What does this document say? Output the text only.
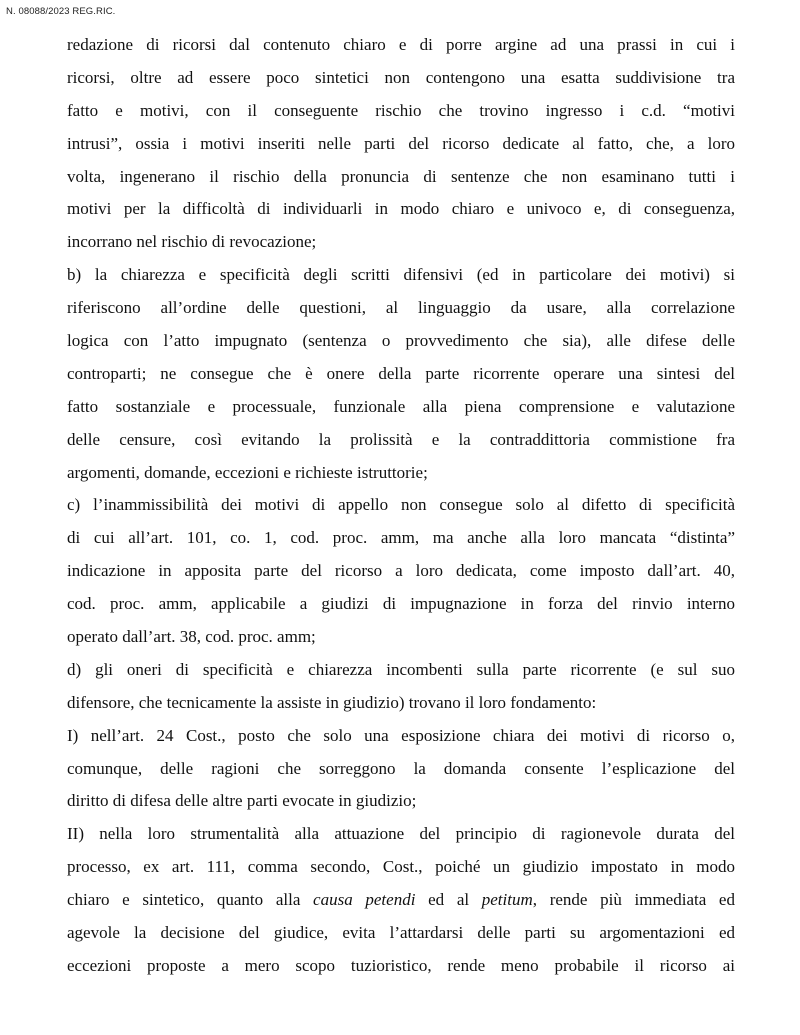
N. 08088/2023 REG.RIC.
redazione di ricorsi dal contenuto chiaro e di porre argine ad una prassi in cui i
ricorsi, oltre ad essere poco sintetici non contengono una esatta suddivisione tra
fatto e motivi, con il conseguente rischio che trovino ingresso i c.d. “motivi
intrusi”, ossia i motivi inseriti nelle parti del ricorso dedicate al fatto, che, a loro
volta, ingenerano il rischio della pronuncia di sentenze che non esaminano tutti i
motivi per la difficoltà di individuarli in modo chiaro e univoco e, di conseguenza,
incorrano nel rischio di revocazione;
b) la chiarezza e specificità degli scritti difensivi (ed in particolare dei motivi) si
riferiscono all’ordine delle questioni, al linguaggio da usare, alla correlazione
logica con l’atto impugnato (sentenza o provvedimento che sia), alle difese delle
controparti; ne consegue che è onere della parte ricorrente operare una sintesi del
fatto sostanziale e processuale, funzionale alla piena comprensione e valutazione
delle censure, così evitando la prolissità e la contraddittoria commistione fra
argomenti, domande, eccezioni e richieste istruttorie;
c) l’inammissibilità dei motivi di appello non consegue solo al difetto di specificità
di cui all’art. 101, co. 1, cod. proc. amm, ma anche alla loro mancata “distinta”
indicazione in apposita parte del ricorso a loro dedicata, come imposto dall’art. 40,
cod. proc. amm, applicabile a giudizi di impugnazione in forza del rinvio interno
operato dall’art. 38, cod. proc. amm;
d) gli oneri di specificità e chiarezza incombenti sulla parte ricorrente (e sul suo
difensore, che tecnicamente la assiste in giudizio) trovano il loro fondamento:
I) nell’art. 24 Cost., posto che solo una esposizione chiara dei motivi di ricorso o,
comunque, delle ragioni che sorreggono la domanda consente l’esplicazione del
diritto di difesa delle altre parti evocate in giudizio;
II) nella loro strumentalità alla attuazione del principio di ragionevole durata del
processo, ex art. 111, comma secondo, Cost., poiché un giudizio impostato in modo
chiaro e sintetico, quanto alla causa petendi ed al petitum, rende più immediata ed
agevole la decisione del giudice, evita l’attardarsi delle parti su argomentazioni ed
eccezioni proposte a mero scopo tuzioristico, rende meno probabile il ricorso ai
